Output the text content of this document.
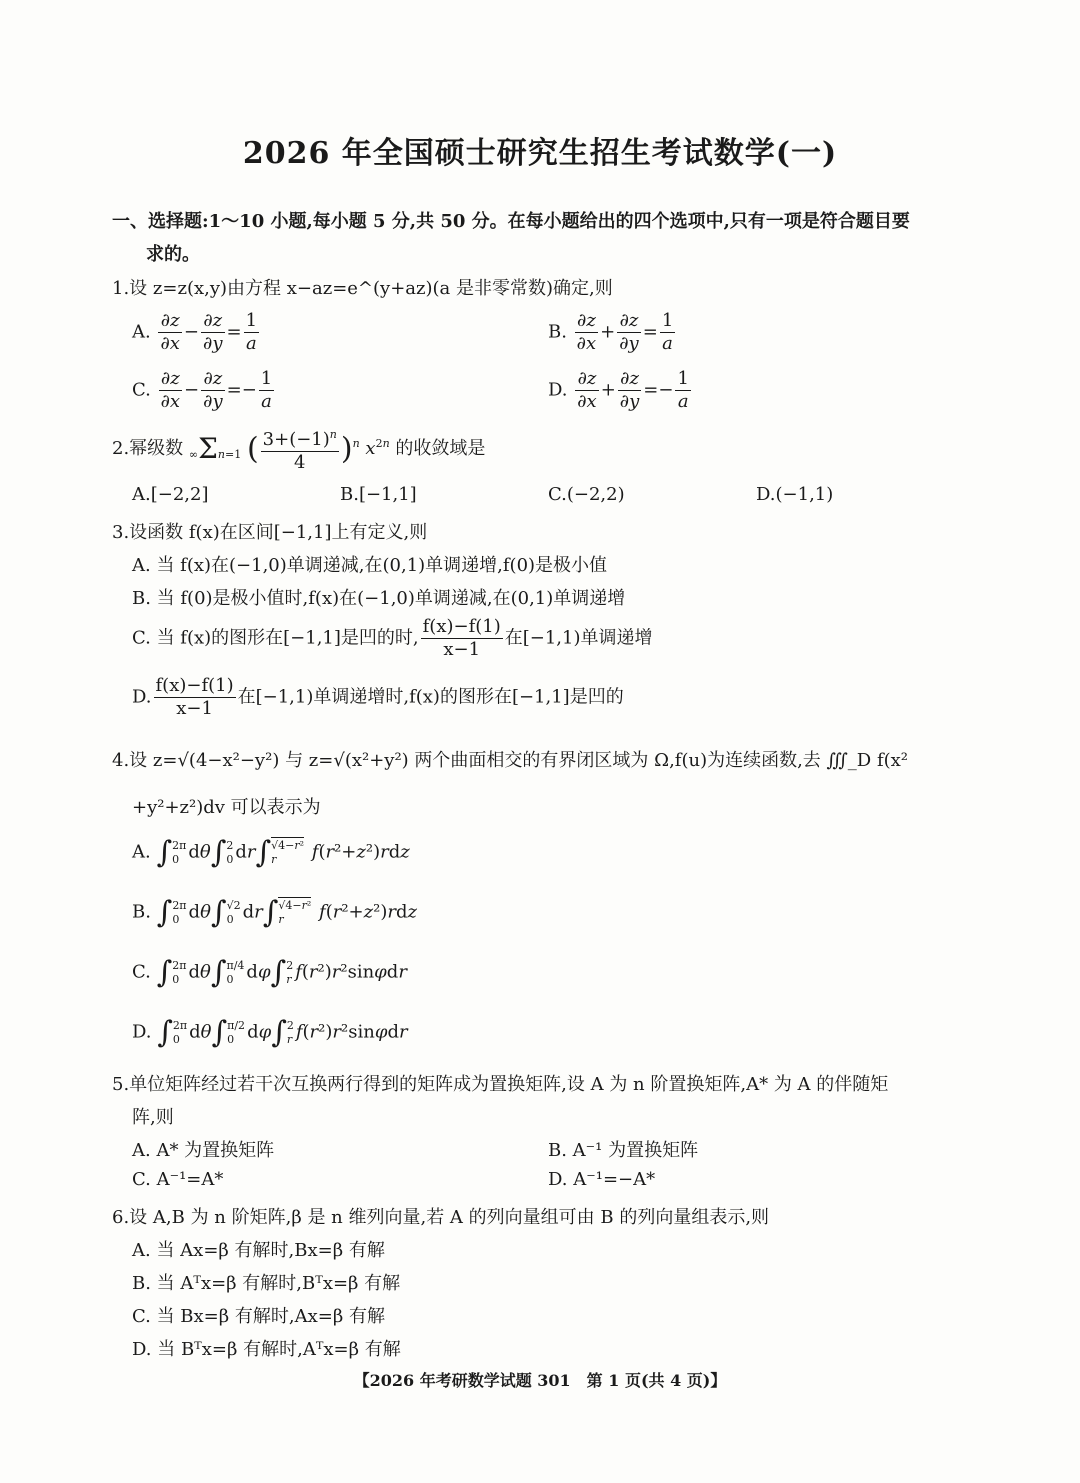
2026 年全国硕士研究生招生考试数学(一)
一、选择题:1～10 小题,每小题 5 分,共 50 分。在每小题给出的四个选项中,只有一项是符合题目要
求的。
1.设 z=z(x,y)由方程 x−az=e^(y+az)(a 是非零常数)确定,则
A. $\frac{\partial z}{\partial x} - \frac{\partial z}{\partial y} = \frac{1}{a}$	B. $\frac{\partial z}{\partial x} + \frac{\partial z}{\partial y} = \frac{1}{a}$
C. $\frac{\partial z}{\partial x} - \frac{\partial z}{\partial y} =- \frac{1}{a}$	D. $\frac{\partial z}{\partial x} + \frac{\partial z}{\partial y} =- \frac{1}{a}$
2.幂级数 ∞Σn=1 ( $\frac{3+(-1)^n}{4} )^n$ $x^{2n}$ 的收敛域是
A.[−2,2]	B.[−1,1]	C.(−2,2)	D.(−1,1)
3.设函数 f(x)在区间[−1,1]上有定义,则
A. 当 f(x)在(−1,0)单调递减,在(0,1)单调递增,f(0)是极小值
B. 当 f(0)是极小值时,f(x)在(−1,0)单调递减,在(0,1)单调递增
C. 当 f(x)的图形在[−1,1]是凹的时, $\frac{f(x)-f(1)}{x-1}$ 在[−1,1)单调递增
D. $\frac{f(x)-f(1)}{x-1}$ 在[−1,1)单调递增时,f(x)的图形在[−1,1]是凹的
4.设 z=√(4−x²−y²) 与 z=√(x²+y²) 两个曲面相交的有界闭区域为 Ω,f(u)为连续函数,去 ∭_D f(x²
+y²+z²)dv 可以表示为
A. ∫2π
0 dθ∫2
0 dr∫√4−r²
r f(r²+z²)rdz
B. ∫2π
0 dθ∫√2
0 dr∫√4−r²
r f(r²+z²)rdz
C. ∫2π
0 dθ∫π/4
0 dφ∫2
r f(r²)r²sinφdr
D. ∫2π
0 dθ∫π/2
0 dφ∫2
r f(r²)r²sinφdr
5.单位矩阵经过若干次互换两行得到的矩阵成为置换矩阵,设 A 为 n 阶置换矩阵,A* 为 A 的伴随矩
阵,则
A. A* 为置换矩阵	B. A⁻¹ 为置换矩阵
C. A⁻¹=A*	D. A⁻¹=−A*
6.设 A,B 为 n 阶矩阵,β 是 n 维列向量,若 A 的列向量组可由 B 的列向量组表示,则
A. 当 Ax=β 有解时,Bx=β 有解
B. 当 Aᵀx=β 有解时,Bᵀx=β 有解
C. 当 Bx=β 有解时,Ax=β 有解
D. 当 Bᵀx=β 有解时,Aᵀx=β 有解
【2026 年考研数学试题 301　第 1 页(共 4 页)】
